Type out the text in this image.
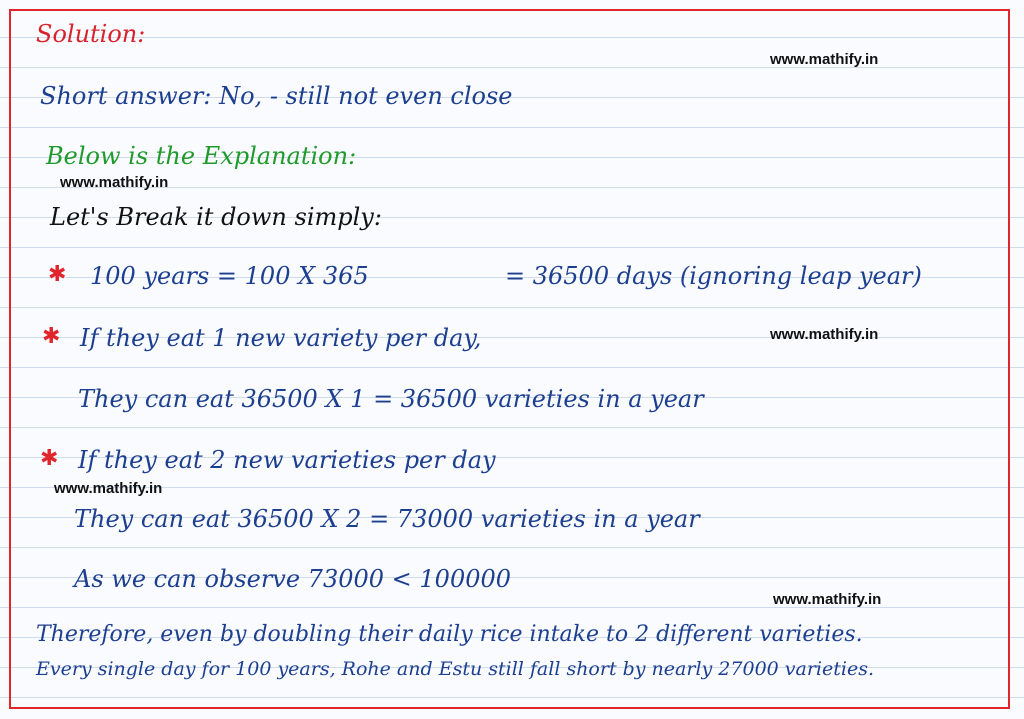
Solution:
www.mathify.in
Short answer: No, - still not even close
Below is the Explanation:
www.mathify.in
Let's Break it down simply:
✱ 100 years = 100 X 365	= 36500 days (ignoring leap year)
✱ If they eat 1 new variety per day,	www.mathify.in
They can eat 36500 X 1 = 36500 varieties in a year
✱ If they eat 2 new varieties per day
www.mathify.in
They can eat 36500 X 2 = 73000 varieties in a year
As we can observe 73000 < 100000
www.mathify.in
Therefore, even by doubling their daily rice intake to 2 different varieties.
Every single day for 100 years, Rohe and Estu still fall short by nearly 27000 varieties.
